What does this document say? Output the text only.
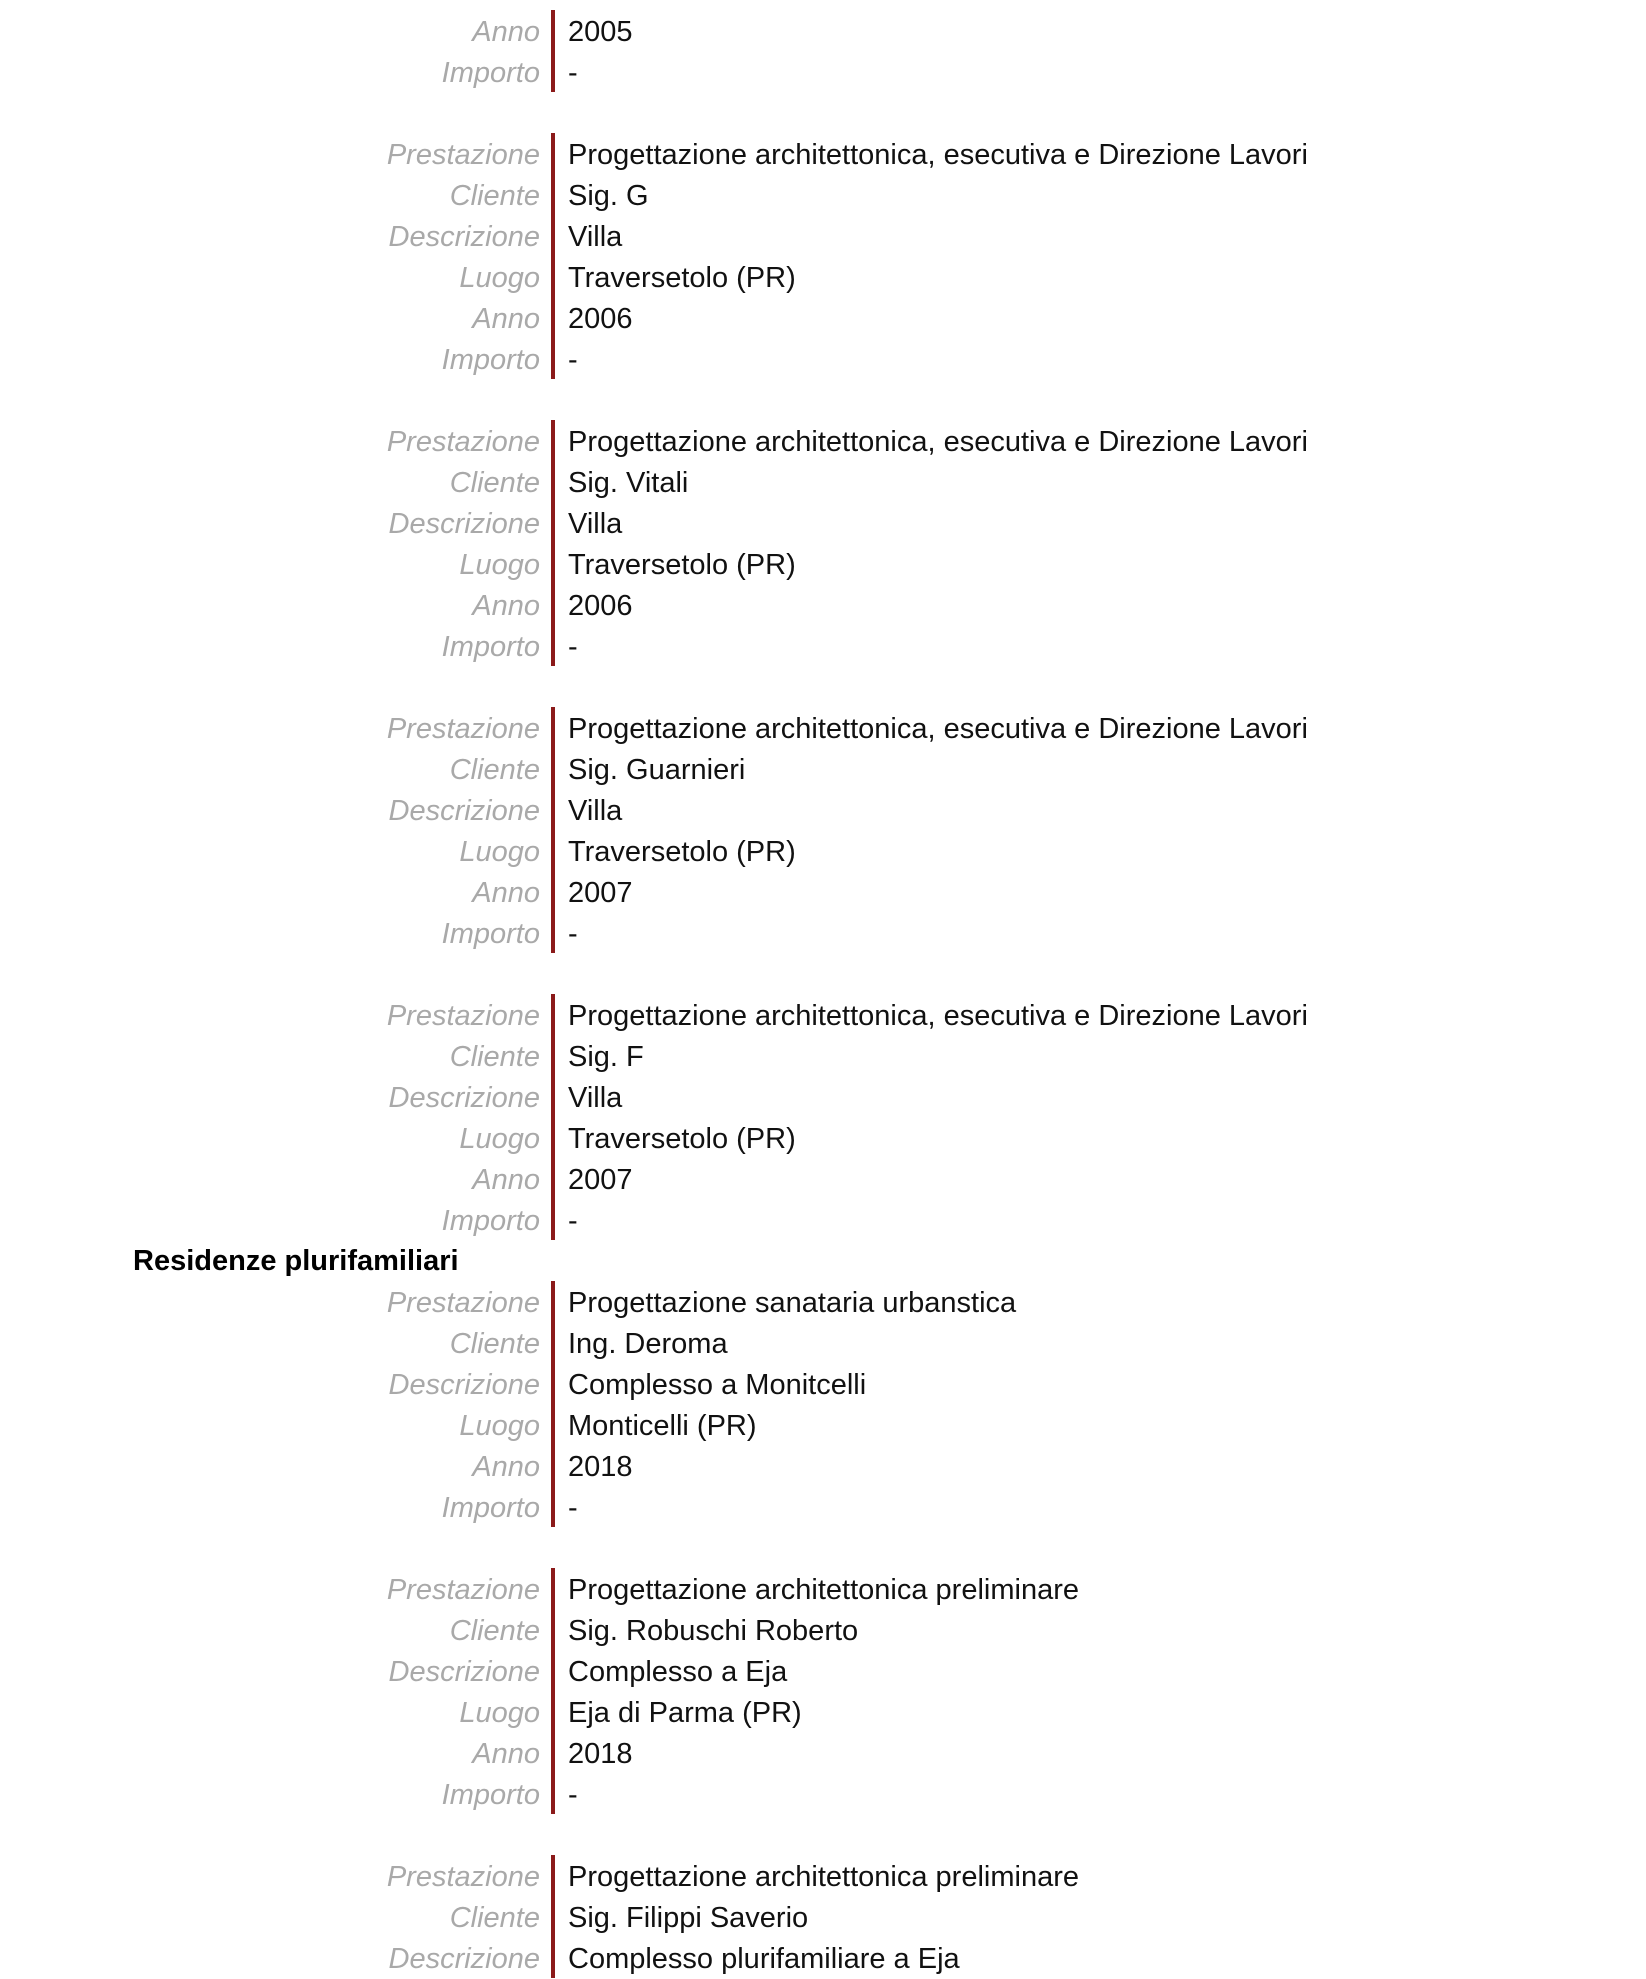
Anno 2005
Importo -
Prestazione Progettazione architettonica, esecutiva e Direzione Lavori
Cliente Sig. G
Descrizione Villa
Luogo Traversetolo (PR)
Anno 2006
Importo -
Prestazione Progettazione architettonica, esecutiva e Direzione Lavori
Cliente Sig. Vitali
Descrizione Villa
Luogo Traversetolo (PR)
Anno 2006
Importo -
Prestazione Progettazione architettonica, esecutiva e Direzione Lavori
Cliente Sig. Guarnieri
Descrizione Villa
Luogo Traversetolo (PR)
Anno 2007
Importo -
Prestazione Progettazione architettonica, esecutiva e Direzione Lavori
Cliente Sig. F
Descrizione Villa
Luogo Traversetolo (PR)
Anno 2007
Importo -
Residenze plurifamiliari
Prestazione Progettazione sanataria urbanstica
Cliente Ing. Deroma
Descrizione Complesso a Monitcelli
Luogo Monticelli (PR)
Anno 2018
Importo -
Prestazione Progettazione architettonica preliminare
Cliente Sig. Robuschi Roberto
Descrizione Complesso a Eja
Luogo Eja di Parma (PR)
Anno 2018
Importo -
Prestazione Progettazione architettonica preliminare
Cliente Sig. Filippi Saverio
Descrizione Complesso plurifamiliare a Eja
